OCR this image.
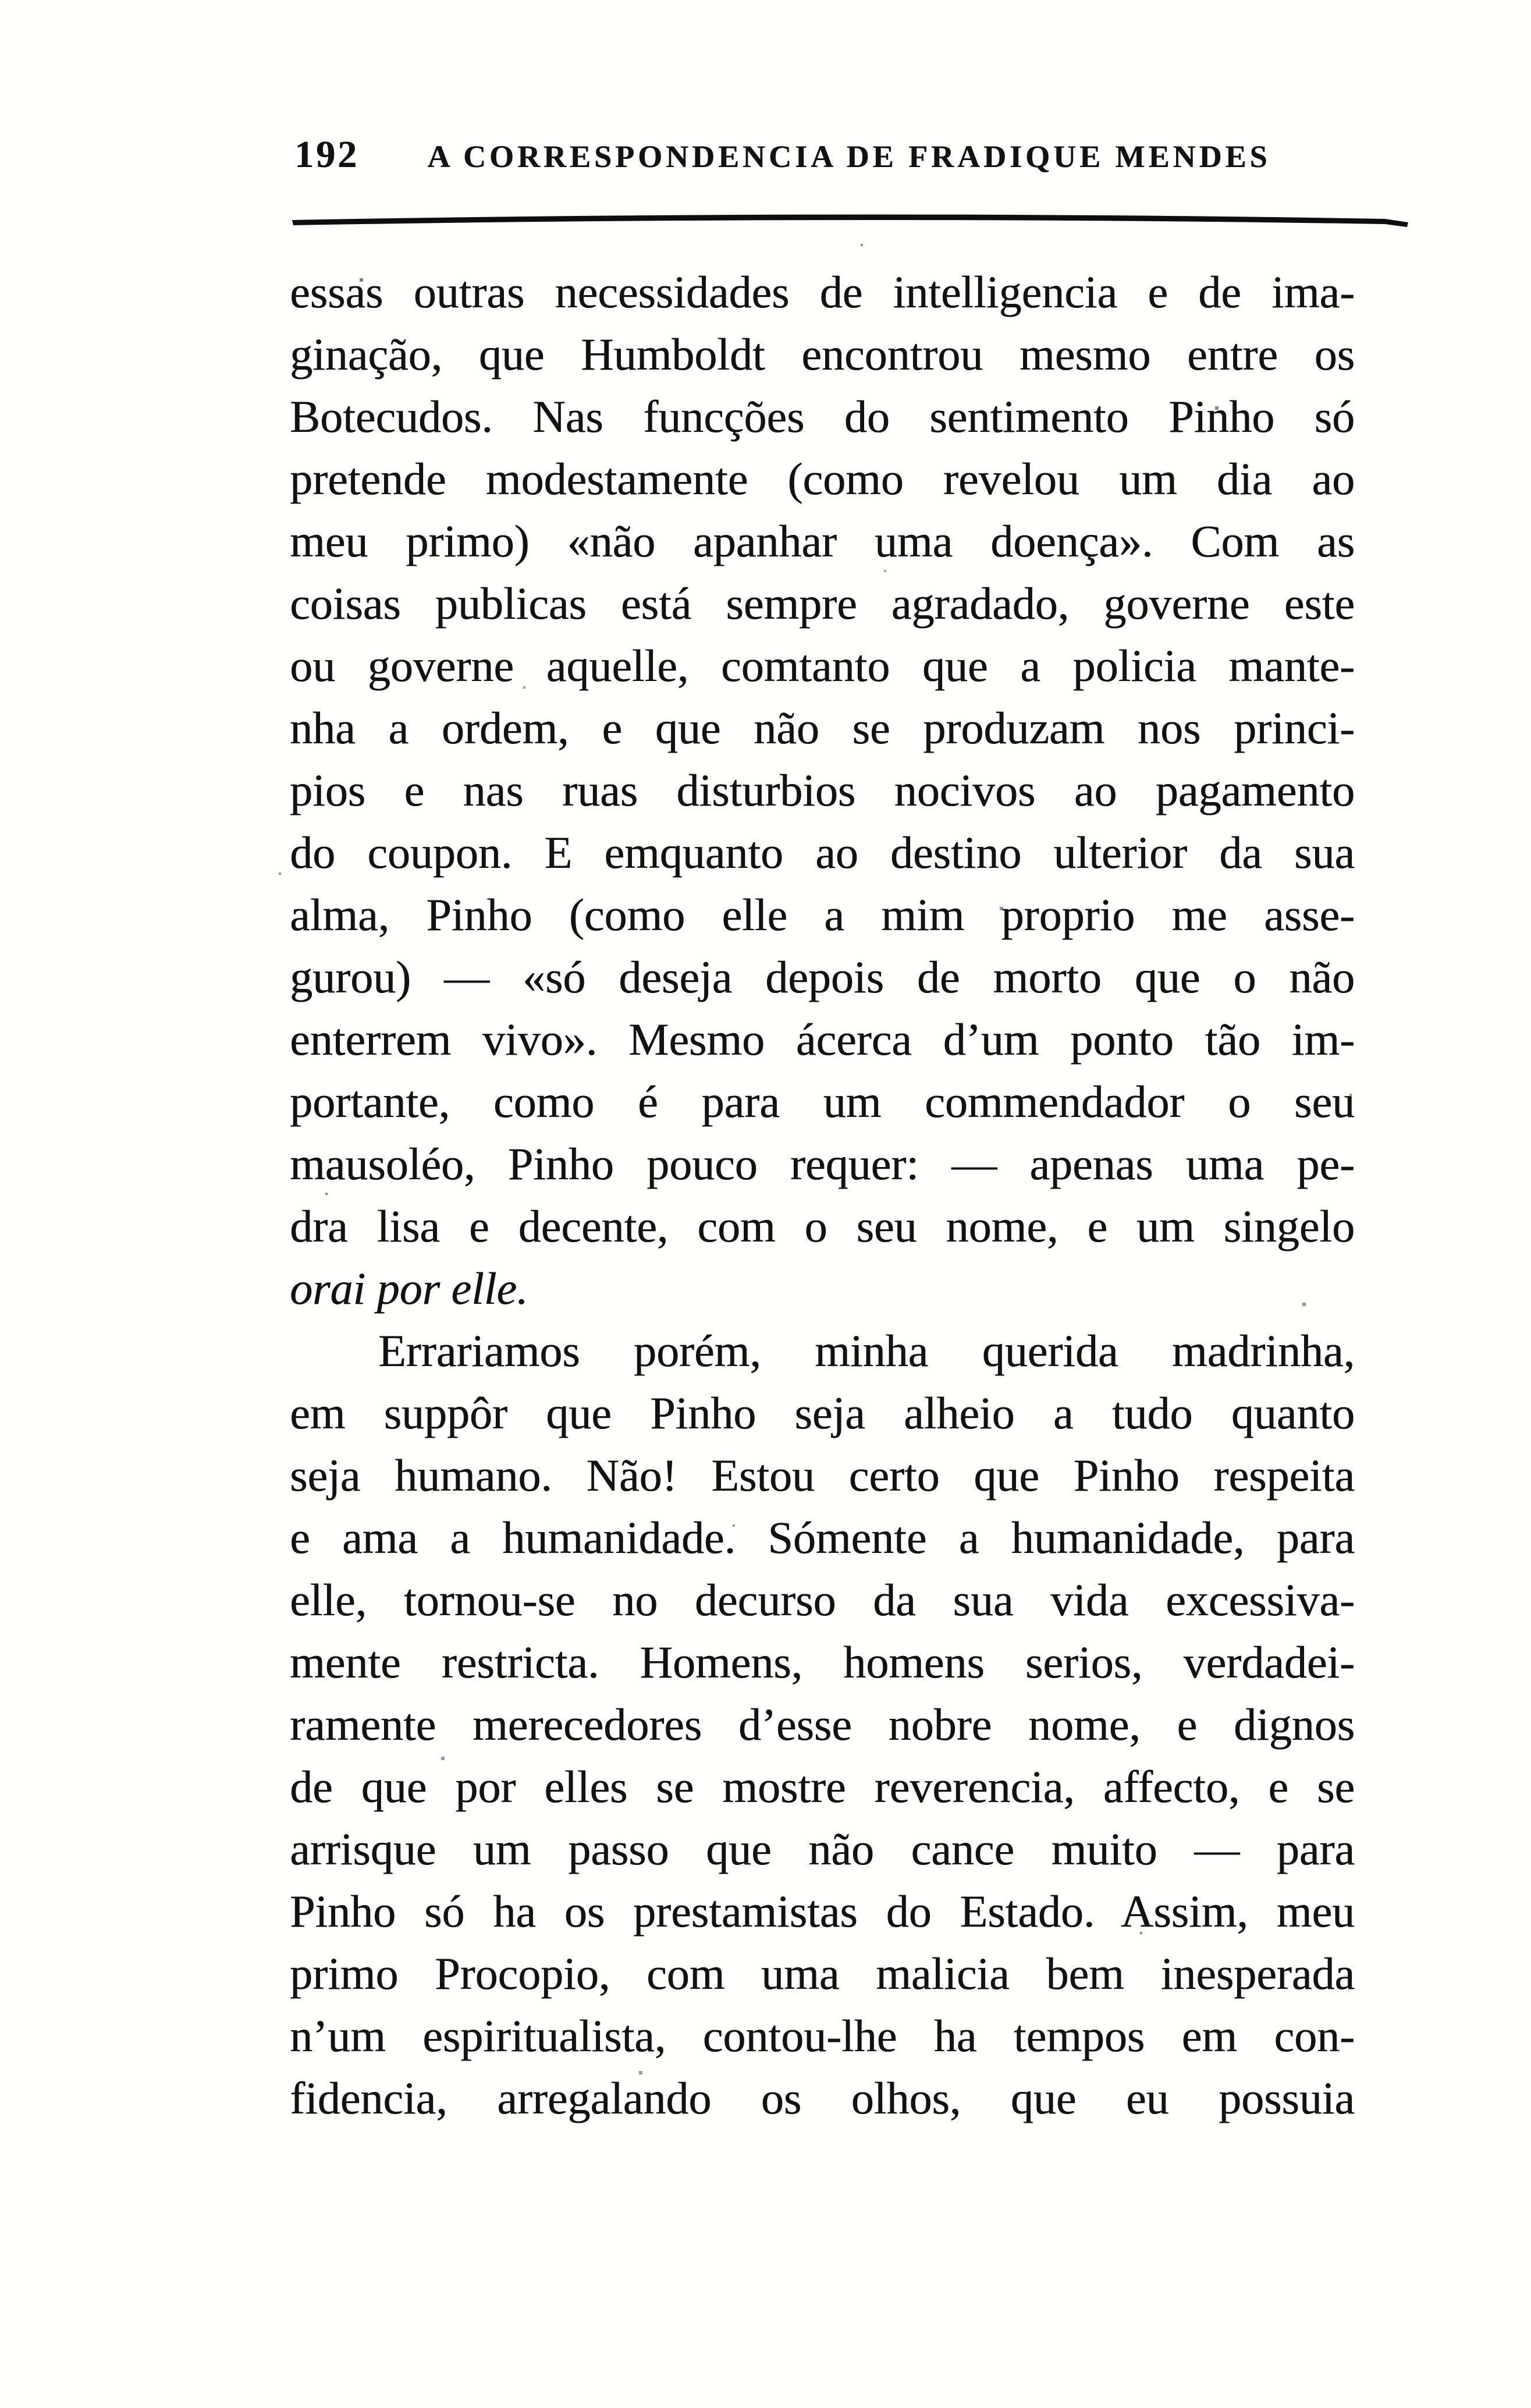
192	A CORRESPONDENCIA DE FRADIQUE MENDES
essas outras necessidades de intelligencia e de ima-
ginação, que Humboldt encontrou mesmo entre os
Botecudos. Nas funcções do sentimento Pinho só
pretende modestamente (como revelou um dia ao
meu primo) «não apanhar uma doença». Com as
coisas publicas está sempre agradado, governe este
ou governe aquelle, comtanto que a policia mante-
nha a ordem, e que não se produzam nos princi-
pios e nas ruas disturbios nocivos ao pagamento
do coupon. E emquanto ao destino ulterior da sua
alma, Pinho (como elle a mim proprio me asse-
gurou) — «só deseja depois de morto que o não
enterrem vivo». Mesmo ácerca d’um ponto tão im-
portante, como é para um commendador o seu
mausoléo, Pinho pouco requer: — apenas uma pe-
dra lisa e decente, com o seu nome, e um singelo
orai por elle.
Errariamos porém, minha querida madrinha,
em suppôr que Pinho seja alheio a tudo quanto
seja humano. Não! Estou certo que Pinho respeita
e ama a humanidade. Sómente a humanidade, para
elle, tornou-se no decurso da sua vida excessiva-
mente restricta. Homens, homens serios, verdadei-
ramente merecedores d’esse nobre nome, e dignos
de que por elles se mostre reverencia, affecto, e se
arrisque um passo que não cance muito — para
Pinho só ha os prestamistas do Estado. Assim, meu
primo Procopio, com uma malicia bem inesperada
n’um espiritualista, contou-lhe ha tempos em con-
fidencia, arregalando os olhos, que eu possuia
